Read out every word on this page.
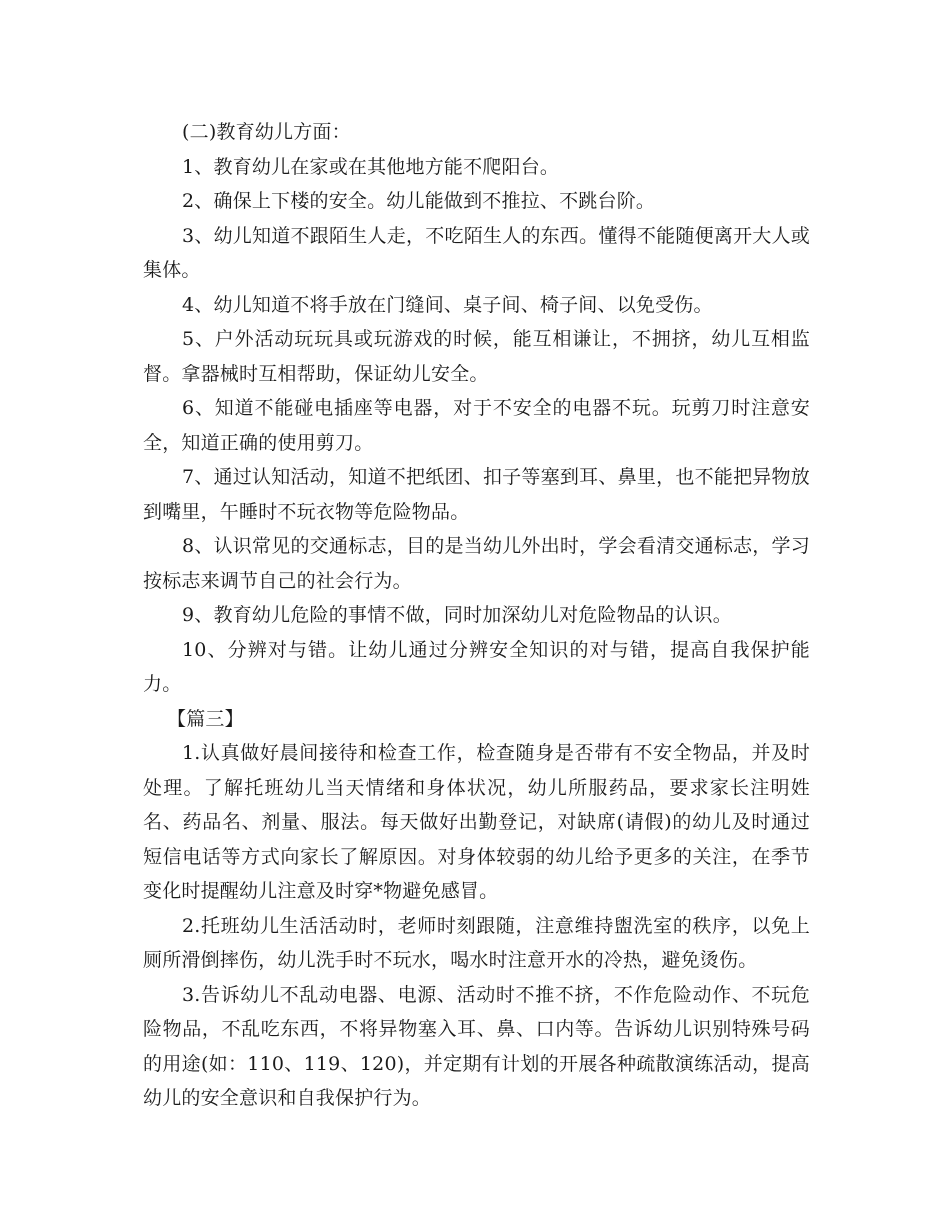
(二)教育幼儿方面：

1、教育幼儿在家或在其他地方能不爬阳台。

2、确保上下楼的安全。幼儿能做到不推拉、不跳台阶。

3、幼儿知道不跟陌生人走，不吃陌生人的东西。懂得不能随便离开大人或集体。

4、幼儿知道不将手放在门缝间、桌子间、椅子间、以免受伤。

5、户外活动玩玩具或玩游戏的时候，能互相谦让，不拥挤，幼儿互相监督。拿器械时互相帮助，保证幼儿安全。

6、知道不能碰电插座等电器，对于不安全的电器不玩。玩剪刀时注意安全，知道正确的使用剪刀。

7、通过认知活动，知道不把纸团、扣子等塞到耳、鼻里，也不能把异物放到嘴里，午睡时不玩衣物等危险物品。

8、认识常见的交通标志，目的是当幼儿外出时，学会看清交通标志，学习按标志来调节自己的社会行为。

9、教育幼儿危险的事情不做，同时加深幼儿对危险物品的认识。

10、分辨对与错。让幼儿通过分辨安全知识的对与错，提高自我保护能力。

【篇三】

1.认真做好晨间接待和检查工作，检查随身是否带有不安全物品，并及时处理。了解托班幼儿当天情绪和身体状况，幼儿所服药品，要求家长注明姓名、药品名、剂量、服法。每天做好出勤登记，对缺席(请假)的幼儿及时通过短信电话等方式向家长了解原因。对身体较弱的幼儿给予更多的关注，在季节变化时提醒幼儿注意及时穿*物避免感冒。

2.托班幼儿生活活动时，老师时刻跟随，注意维持盥洗室的秩序，以免上厕所滑倒摔伤，幼儿洗手时不玩水，喝水时注意开水的冷热，避免烫伤。

3.告诉幼儿不乱动电器、电源、活动时不推不挤，不作危险动作、不玩危险物品，不乱吃东西，不将异物塞入耳、鼻、口内等。告诉幼儿识别特殊号码的用途(如：110、119、120)，并定期有计划的开展各种疏散演练活动，提高幼儿的安全意识和自我保护行为。
